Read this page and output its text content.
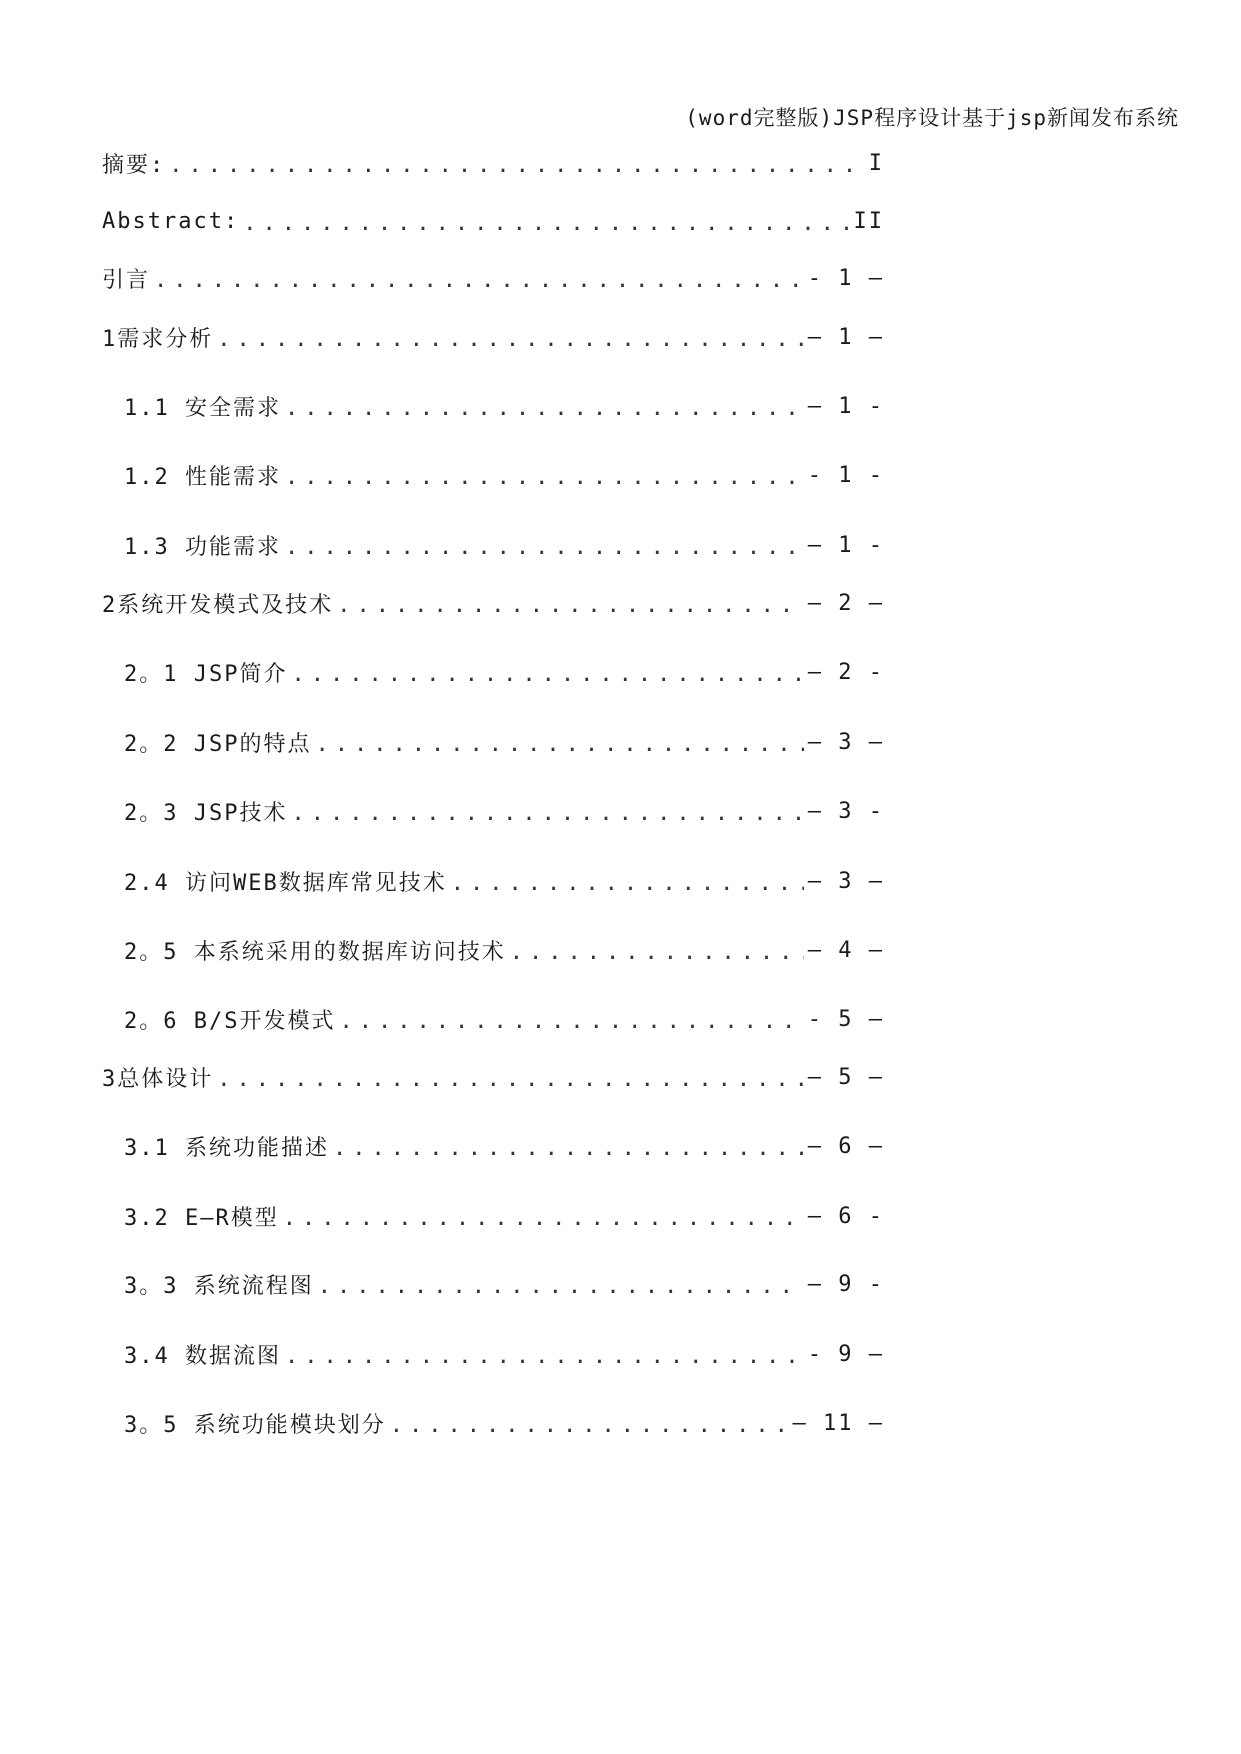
(word完整版)JSP程序设计基于jsp新闻发布系统
摘要: .....	I
Abstract: .....	II
引言 .....	- 1 —
1需求分析 .....	— 1 —
1.1 安全需求 .....	— 1 -
1.2 性能需求 .....	- 1 -
1.3 功能需求 .....	— 1 -
2系统开发模式及技术 .....	— 2 —
2。1 JSP简介 .....	— 2 -
2。2 JSP的特点 .....	— 3 —
2。3 JSP技术 .....	— 3 -
2.4 访问WEB数据库常见技术 .....	— 3 —
2。5 本系统采用的数据库访问技术 .....	— 4 —
2。6 B/S开发模式 .....	- 5 —
3总体设计 .....	— 5 —
3.1 系统功能描述 .....	— 6 —
3.2 E—R模型 .....	— 6 -
3。3 系统流程图 .....	— 9 -
3.4 数据流图 .....	- 9 —
3。5 系统功能模块划分 .....	— 11 —
